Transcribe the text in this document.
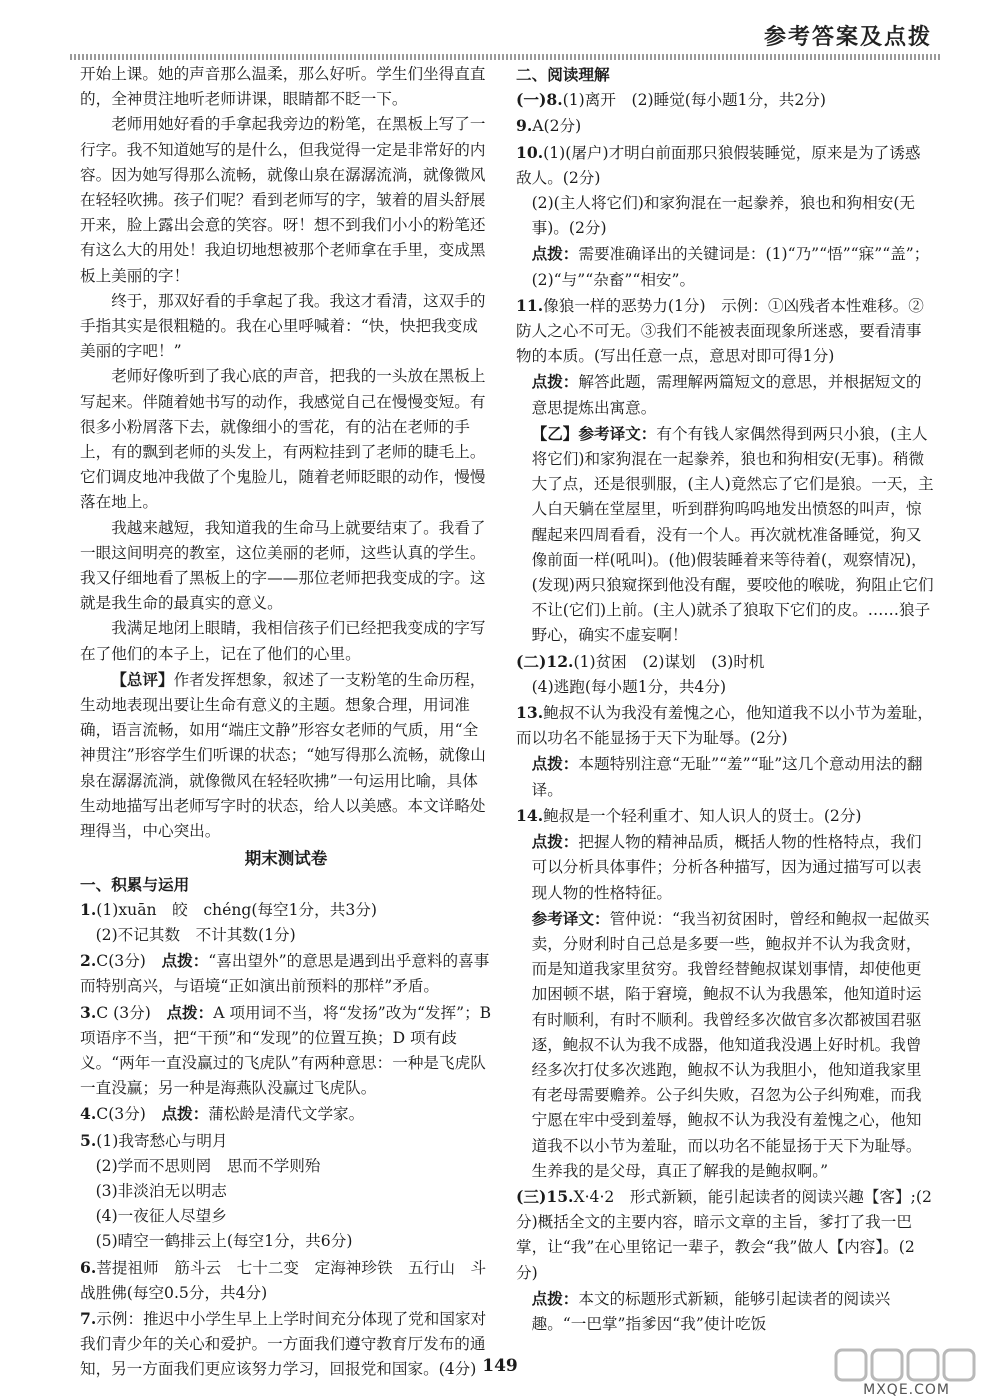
参考答案及点拨

开始上课。她的声音那么温柔，那么好听。学生们坐得直直的，全神贯注地听老师讲课，眼睛都不眨一下。

老师用她好看的手拿起我旁边的粉笔，在黑板上写了一行字。我不知道她写的是什么，但我觉得一定是非常好的内容。因为她写得那么流畅，就像山泉在潺潺流淌，就像微风在轻轻吹拂。孩子们呢？看到老师写的字，皱着的眉头舒展开来，脸上露出会意的笑容。呀！想不到我们小小的粉笔还有这么大的用处！我迫切地想被那个老师拿在手里，变成黑板上美丽的字！

终于，那双好看的手拿起了我。我这才看清，这双手的手指其实是很粗糙的。我在心里呼喊着：“快，快把我变成美丽的字吧！”

老师好像听到了我心底的声音，把我的一头放在黑板上写起来。伴随着她书写的动作，我感觉自己在慢慢变短。有很多小粉屑落下去，就像细小的雪花，有的沾在老师的手上，有的飘到老师的头发上，有两粒挂到了老师的睫毛上。它们调皮地冲我做了个鬼脸儿，随着老师眨眼的动作，慢慢落在地上。

我越来越短，我知道我的生命马上就要结束了。我看了一眼这间明亮的教室，这位美丽的老师，这些认真的学生。我又仔细地看了黑板上的字——那位老师把我变成的字。这就是我生命的最真实的意义。

我满足地闭上眼睛，我相信孩子们已经把我变成的字写在了他们的本子上，记在了他们的心里。

【总评】作者发挥想象，叙述了一支粉笔的生命历程，生动地表现出要让生命有意义的主题。想象合理，用词准确，语言流畅，如用“端庄文静”形容女老师的气质，用“全神贯注”形容学生们听课的状态；“她写得那么流畅，就像山泉在潺潺流淌，就像微风在轻轻吹拂”一句运用比喻，具体生动地描写出老师写字时的状态，给人以美感。本文详略处理得当，中心突出。

期末测试卷

一、积累与运用

1.(1)xuān　皎　chéng(每空1分，共3分)

(2)不记其数　不计其数(1分)

2.C(3分)　点拨：“喜出望外”的意思是遇到出乎意料的喜事而特别高兴，与语境“正如演出前预料的那样”矛盾。

3.C (3分)　点拨：A 项用词不当，将“发扬”改为“发挥”；B 项语序不当，把“干预”和“发现”的位置互换；D 项有歧义。“两年一直没赢过的飞虎队”有两种意思：一种是飞虎队一直没赢；另一种是海燕队没赢过飞虎队。

4.C(3分)　点拨：蒲松龄是清代文学家。

5.(1)我寄愁心与明月

(2)学而不思则罔　思而不学则殆

(3)非淡泊无以明志

(4)一夜征人尽望乡

(5)晴空一鹤排云上(每空1分，共6分)

6.菩提祖师　筋斗云　七十二变　定海神珍铁　五行山　斗战胜佛(每空0.5分，共4分)

7.示例：推迟中小学生早上上学时间充分体现了党和国家对我们青少年的关心和爱护。一方面我们遵守教育厅发布的通知，另一方面我们更应该努力学习，回报党和国家。(4分)

二、阅读理解

(一)8.(1)离开　(2)睡觉(每小题1分，共2分)

9.A(2分)

10.(1)(屠户)才明白前面那只狼假装睡觉，原来是为了诱惑敌人。(2分)

(2)(主人将它们)和家狗混在一起豢养，狼也和狗相安(无事)。(2分)

点拨：需要准确译出的关键词是：(1)“乃”“悟”“寐”“盖”；(2)“与”“杂畜”“相安”。

11.像狼一样的恶势力(1分)　示例：①凶残者本性难移。②防人之心不可无。③我们不能被表面现象所迷惑，要看清事物的本质。(写出任意一点，意思对即可得1分)

点拨：解答此题，需理解两篇短文的意思，并根据短文的意思提炼出寓意。

【乙】参考译文：有个有钱人家偶然得到两只小狼，(主人将它们)和家狗混在一起豢养，狼也和狗相安(无事)。稍微大了点，还是很驯服，(主人)竟然忘了它们是狼。一天，主人白天躺在堂屋里，听到群狗呜呜地发出愤怒的叫声，惊醒起来四周看看，没有一个人。再次就枕准备睡觉，狗又像前面一样(吼叫)。(他)假装睡着来等待着(，观察情况)，(发现)两只狼窥探到他没有醒，要咬他的喉咙，狗阻止它们不让(它们)上前。(主人)就杀了狼取下它们的皮。……狼子野心，确实不虚妄啊！

(二)12.(1)贫困　(2)谋划　(3)时机

(4)逃跑(每小题1分，共4分)

13.鲍叔不认为我没有羞愧之心，他知道我不以小节为羞耻，而以功名不能显扬于天下为耻辱。(2分)

点拨：本题特别注意“无耻”“羞”“耻”这几个意动用法的翻译。

14.鲍叔是一个轻利重才、知人识人的贤士。(2分)

点拨：把握人物的精神品质，概括人物的性格特点，我们可以分析具体事件；分析各种描写，因为通过描写可以表现人物的性格特征。

参考译文：管仲说：“我当初贫困时，曾经和鲍叔一起做买卖，分财利时自己总是多要一些，鲍叔并不认为我贪财，而是知道我家里贫穷。我曾经替鲍叔谋划事情，却使他更加困顿不堪，陷于窘境，鲍叔不认为我愚笨，他知道时运有时顺利，有时不顺利。我曾经多次做官多次都被国君驱逐，鲍叔不认为我不成器，他知道我没遇上好时机。我曾经多次打仗多次逃跑，鲍叔不认为我胆小，他知道我家里有老母需要赡养。公子纠失败，召忽为公子纠殉难，而我宁愿在牢中受到羞辱，鲍叔不认为我没有羞愧之心，他知道我不以小节为羞耻，而以功名不能显扬于天下为耻辱。生养我的是父母，真正了解我的是鲍叔啊。”

(三)15.X·4·2　形式新颖，能引起读者的阅读兴趣【客】;(2分)概括全文的主要内容，暗示文章的主旨，爹打了我一巴掌，让“我”在心里铭记一辈子，教会“我”做人【内容】。(2分)

点拨：本文的标题形式新颖，能够引起读者的阅读兴趣。“一巴掌”指爹因“我”使计吃饭

149
MXQE.COM
